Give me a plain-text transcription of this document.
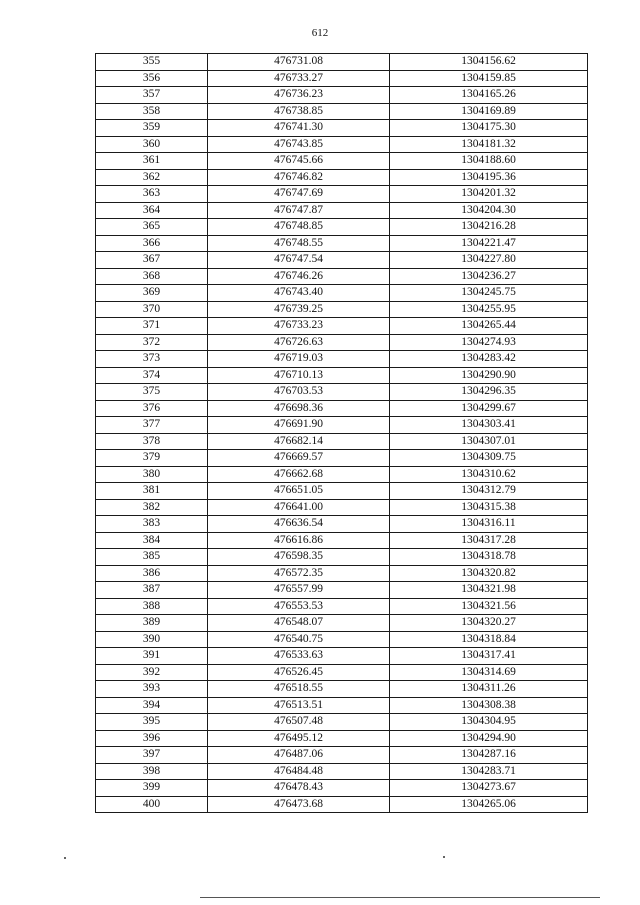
612
355	476731.08	1304156.62
356	476733.27	1304159.85
357	476736.23	1304165.26
358	476738.85	1304169.89
359	476741.30	1304175.30
360	476743.85	1304181.32
361	476745.66	1304188.60
362	476746.82	1304195.36
363	476747.69	1304201.32
364	476747.87	1304204.30
365	476748.85	1304216.28
366	476748.55	1304221.47
367	476747.54	1304227.80
368	476746.26	1304236.27
369	476743.40	1304245.75
370	476739.25	1304255.95
371	476733.23	1304265.44
372	476726.63	1304274.93
373	476719.03	1304283.42
374	476710.13	1304290.90
375	476703.53	1304296.35
376	476698.36	1304299.67
377	476691.90	1304303.41
378	476682.14	1304307.01
379	476669.57	1304309.75
380	476662.68	1304310.62
381	476651.05	1304312.79
382	476641.00	1304315.38
383	476636.54	1304316.11
384	476616.86	1304317.28
385	476598.35	1304318.78
386	476572.35	1304320.82
387	476557.99	1304321.98
388	476553.53	1304321.56
389	476548.07	1304320.27
390	476540.75	1304318.84
391	476533.63	1304317.41
392	476526.45	1304314.69
393	476518.55	1304311.26
394	476513.51	1304308.38
395	476507.48	1304304.95
396	476495.12	1304294.90
397	476487.06	1304287.16
398	476484.48	1304283.71
399	476478.43	1304273.67
400	476473.68	1304265.06
